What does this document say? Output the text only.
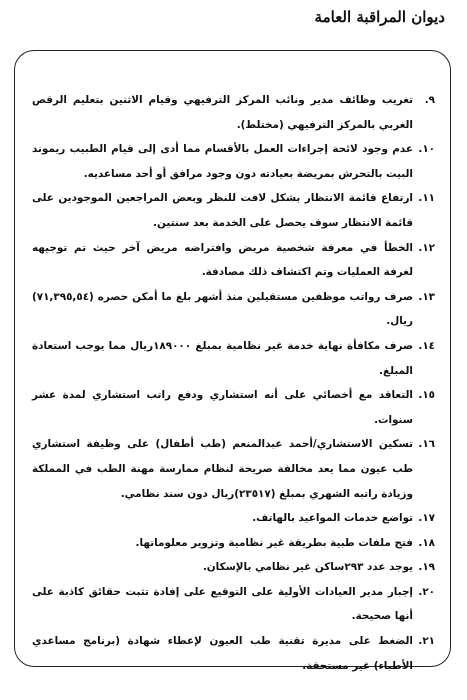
ديوان المراقبة العامة
٩.
تغريب وظائف مدير ونائب المركز الترفيهي وقيام الاثنين بتعليم الرقص الغربي بالمركز الترفيهي (مختلط).
١٠.
عدم وجود لائحة إجراءات العمل بالأقسام مما أدى إلى قيام الطبيب ريموند البيت بالتحرش بمريضة بعيادته دون وجود مرافق أو أحد مساعديه.
١١.
ارتفاع قائمة الانتظار بشكل لافت للنظر وبعض المراجعين الموجودين على قائمة الانتظار سوف يحصل على الخدمة بعد سنتين.
١٢.
الخطأ في معرفة شخصية مريض وافتراضه مريض آخر حيث تم توجيهه لغرفة العمليات وتم اكتشاف ذلك مصادفة.
١٣.
صرف رواتب موظفين مستقيلين منذ أشهر بلغ ما أمكن حصره (٧١,٣٩٥,٥٤) ريال.
١٤.
صرف مكافأة نهاية خدمة غير نظامية بمبلغ ١٨٩٠٠٠ريال مما يوجب استعادة المبلغ.
١٥.
التعاقد مع أخصائي على أنه استشاري ودفع راتب استشاري لمدة عشر سنوات.
١٦.
تسكين الاستشاري/أحمد عبدالمنعم (طب أطفال) على وظيفة استشاري طب عيون مما يعد مخالفة صريحة لنظام ممارسة مهنة الطب في المملكة وزيادة راتبه الشهري بمبلغ (٢٣٥١٧)ريال دون سند نظامي.
١٧.
تواضع خدمات المواعيد بالهاتف.
١٨.
فتح ملفات طبية بطريقة غير نظامية وتزوير معلوماتها.
١٩.
يوجد عدد ٢٩٣ساكن غير نظامي بالإسكان.
٢٠.
إجبار مدير العيادات الأولية على التوقيع على إفادة تثبت حقائق كاذبة على أنها صحيحة.
٢١.
الضغط على مديرة تقنية طب العيون لإعطاء شهادة (برنامج مساعدي الأطباء) غير مستحقة.
